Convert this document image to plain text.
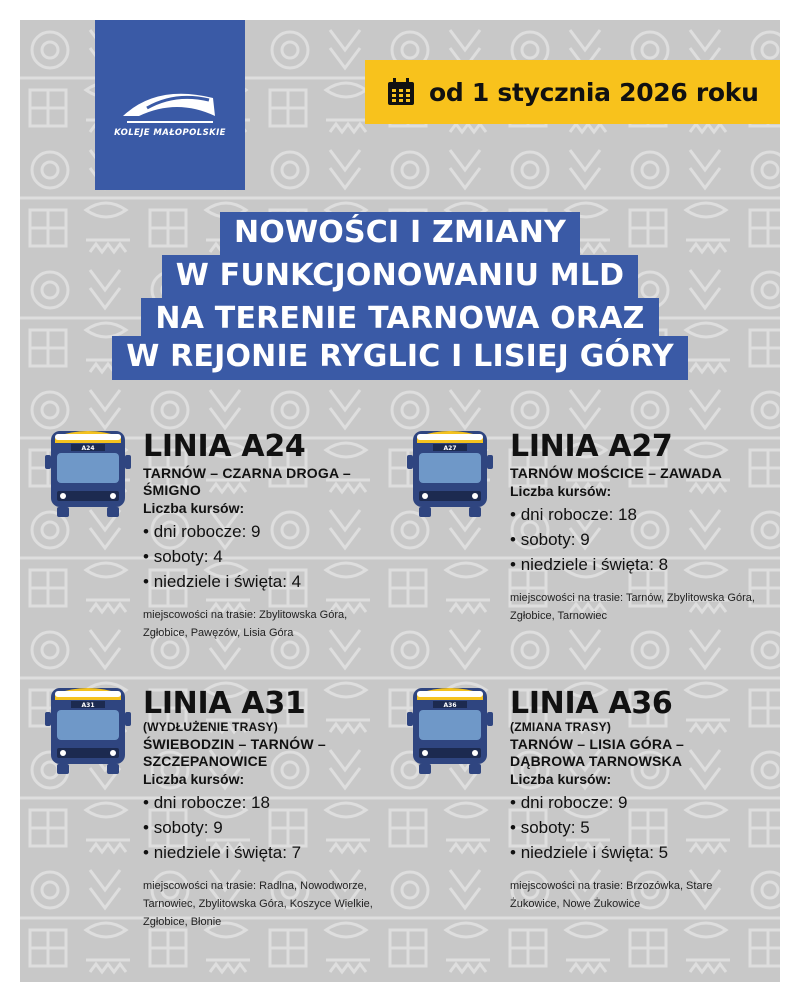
KOLEJE MAŁOPOLSKIE
od 1 stycznia 2026 roku
NOWOŚCI I ZMIANY
W FUNKCJONOWANIU MLD
NA TERENIE TARNOWA ORAZ
W REJONIE RYGLIC I LISIEJ GÓRY
A24 LINIA A24
TARNÓW – CZARNA DROGA – ŚMIGNO
Liczba kursów:
• dni robocze: 9
• soboty: 4
• niedziele i święta: 4
miejscowości na trasie: Zbylitowska Góra, Zgłobice, Pawęzów, Lisia Góra
A27 LINIA A27
TARNÓW MOŚCICE – ZAWADA
Liczba kursów:
• dni robocze: 18
• soboty: 9
• niedziele i święta: 8
miejscowości na trasie: Tarnów, Zbylitowska Góra, Zgłobice, Tarnowiec
A31 LINIA A31
(WYDŁUŻENIE TRASY)
ŚWIEBODZIN – TARNÓW – SZCZEPANOWICE
Liczba kursów:
• dni robocze: 18
• soboty: 9
• niedziele i święta: 7
miejscowości na trasie: Radlna, Nowodworze, Tarnowiec, Zbylitowska Góra, Koszyce Wielkie, Zgłobice, Błonie
A36 LINIA A36
(ZMIANA TRASY)
TARNÓW – LISIA GÓRA – DĄBROWA TARNOWSKA
Liczba kursów:
• dni robocze: 9
• soboty: 5
• niedziele i święta: 5
miejscowości na trasie: Brzozówka, Stare Żukowice, Nowe Żukowice
